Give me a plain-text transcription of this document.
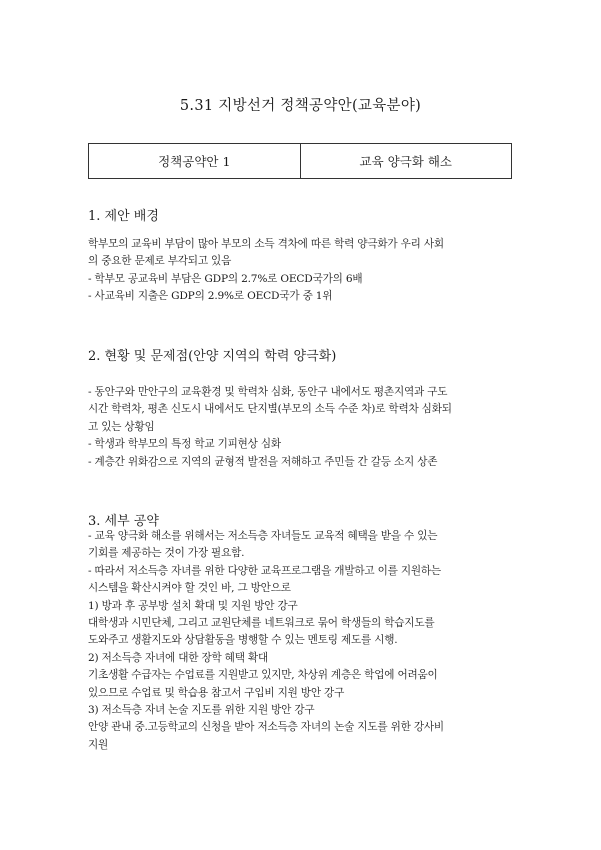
5.31 지방선거 정책공약안(교육분야)
정책공약안 1	교육 양극화 해소
1. 제안 배경
학부모의 교육비 부담이 많아 부모의 소득 격차에 따른 학력 양극화가 우리 사회
의 중요한 문제로 부각되고 있음
- 학부모 공교육비 부담은 GDP의 2.7%로 OECD국가의 6배
- 사교육비 지출은 GDP의 2.9%로 OECD국가 중 1위
2. 현황 및 문제점(안양 지역의 학력 양극화)
- 동안구와 만안구의 교육환경 및 학력차 심화, 동안구 내에서도 평촌지역과 구도
시간 학력차, 평촌 신도시 내에서도 단지별(부모의 소득 수준 차)로 학력차 심화되
고 있는 상황임
- 학생과 학부모의 특정 학교 기피현상 심화
- 계층간 위화감으로 지역의 균형적 발전을 저해하고 주민들 간 갈등 소지 상존
3. 세부 공약
- 교육 양극화 해소를 위해서는 저소득층 자녀들도 교육적 혜택을 받을 수 있는
기회를 제공하는 것이 가장 필요함.
- 따라서 저소득층 자녀를 위한 다양한 교육프로그램을 개발하고 이를 지원하는
시스템을 확산시켜야 할 것인 바, 그 방안으로
1) 방과 후 공부방 설치 확대 및 지원 방안 강구
대학생과 시민단체, 그리고 교원단체를 네트워크로 묶어 학생들의 학습지도를
도와주고 생활지도와 상담활동을 병행할 수 있는 멘토링 제도를 시행.
2) 저소득층 자녀에 대한 장학 혜택 확대
기초생활 수급자는 수업료를 지원받고 있지만, 차상위 계층은 학업에 어려움이
있으므로 수업료 및 학습용 참고서 구입비 지원 방안 강구
3) 저소득층 자녀 논술 지도를 위한 지원 방안 강구
안양 관내 중.고등학교의 신청을 받아 저소득층 자녀의 논술 지도를 위한 강사비
지원
